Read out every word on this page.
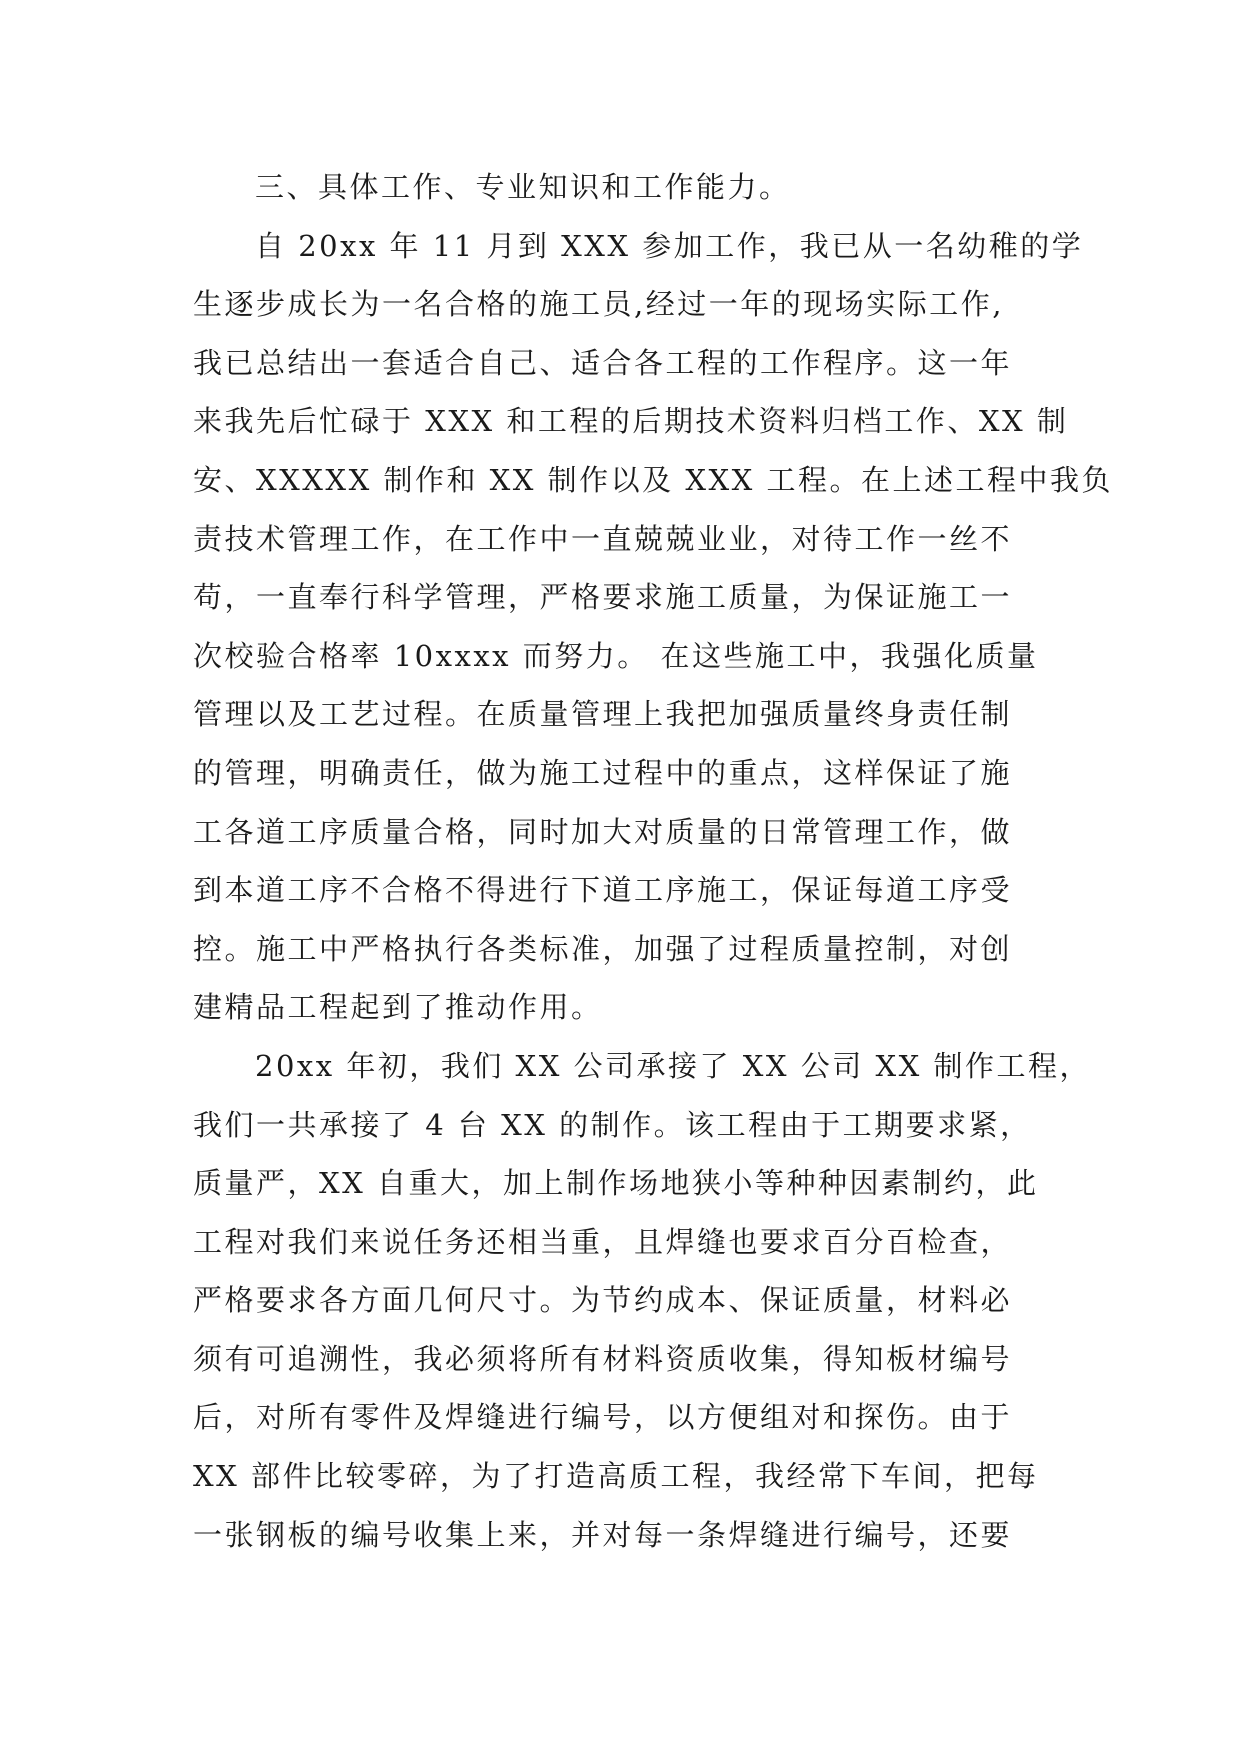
三、具体工作、专业知识和工作能力。
自 20xx 年 11 月到 XXX 参加工作，我已从一名幼稚的学
生逐步成长为一名合格的施工员,经过一年的现场实际工作,
我已总结出一套适合自己、适合各工程的工作程序。这一年
来我先后忙碌于 XXX 和工程的后期技术资料归档工作、XX 制
安、XXXXX 制作和 XX 制作以及 XXX 工程。在上述工程中我负
责技术管理工作，在工作中一直兢兢业业，对待工作一丝不
苟，一直奉行科学管理，严格要求施工质量，为保证施工一
次校验合格率 10xxxx 而努力。 在这些施工中，我强化质量
管理以及工艺过程。在质量管理上我把加强质量终身责任制
的管理，明确责任，做为施工过程中的重点，这样保证了施
工各道工序质量合格，同时加大对质量的日常管理工作，做
到本道工序不合格不得进行下道工序施工，保证每道工序受
控。施工中严格执行各类标准，加强了过程质量控制，对创
建精品工程起到了推动作用。
20xx 年初，我们 XX 公司承接了 XX 公司 XX 制作工程，
我们一共承接了 4 台 XX 的制作。该工程由于工期要求紧，
质量严，XX 自重大，加上制作场地狭小等种种因素制约，此
工程对我们来说任务还相当重，且焊缝也要求百分百检查，
严格要求各方面几何尺寸。为节约成本、保证质量，材料必
须有可追溯性，我必须将所有材料资质收集，得知板材编号
后，对所有零件及焊缝进行编号，以方便组对和探伤。由于
XX 部件比较零碎，为了打造高质工程，我经常下车间，把每
一张钢板的编号收集上来，并对每一条焊缝进行编号，还要
